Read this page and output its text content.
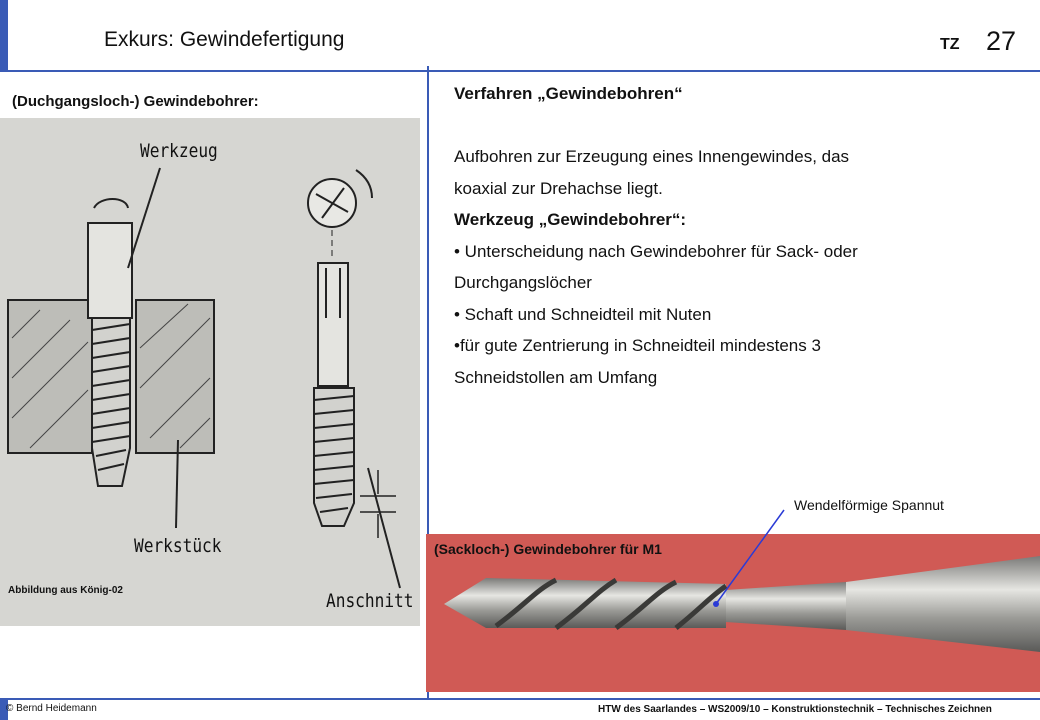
Exkurs: Gewindefertigung	TZ 27
(Duchgangsloch-) Gewindebohrer:
Werkzeug
Werkstück
Anschnitt
Abbildung aus König-02

Verfahren „Gewindebohren“

Aufbohren zur Erzeugung eines Innengewindes, das

koaxial zur Drehachse liegt.

Werkzeug „Gewindebohrer“:

• Unterscheidung nach Gewindebohrer für Sack- oder

Durchgangslöcher

• Schaft und Schneidteil mit Nuten

•für gute Zentrierung in Schneidteil mindestens 3

Schneidstollen am Umfang

Wendelförmige Spannut
(Sackloch-) Gewindebohrer für M1
© Bernd Heidemann	HTW des Saarlandes – WS2009/10 – Konstruktionstechnik – Technisches Zeichnen
